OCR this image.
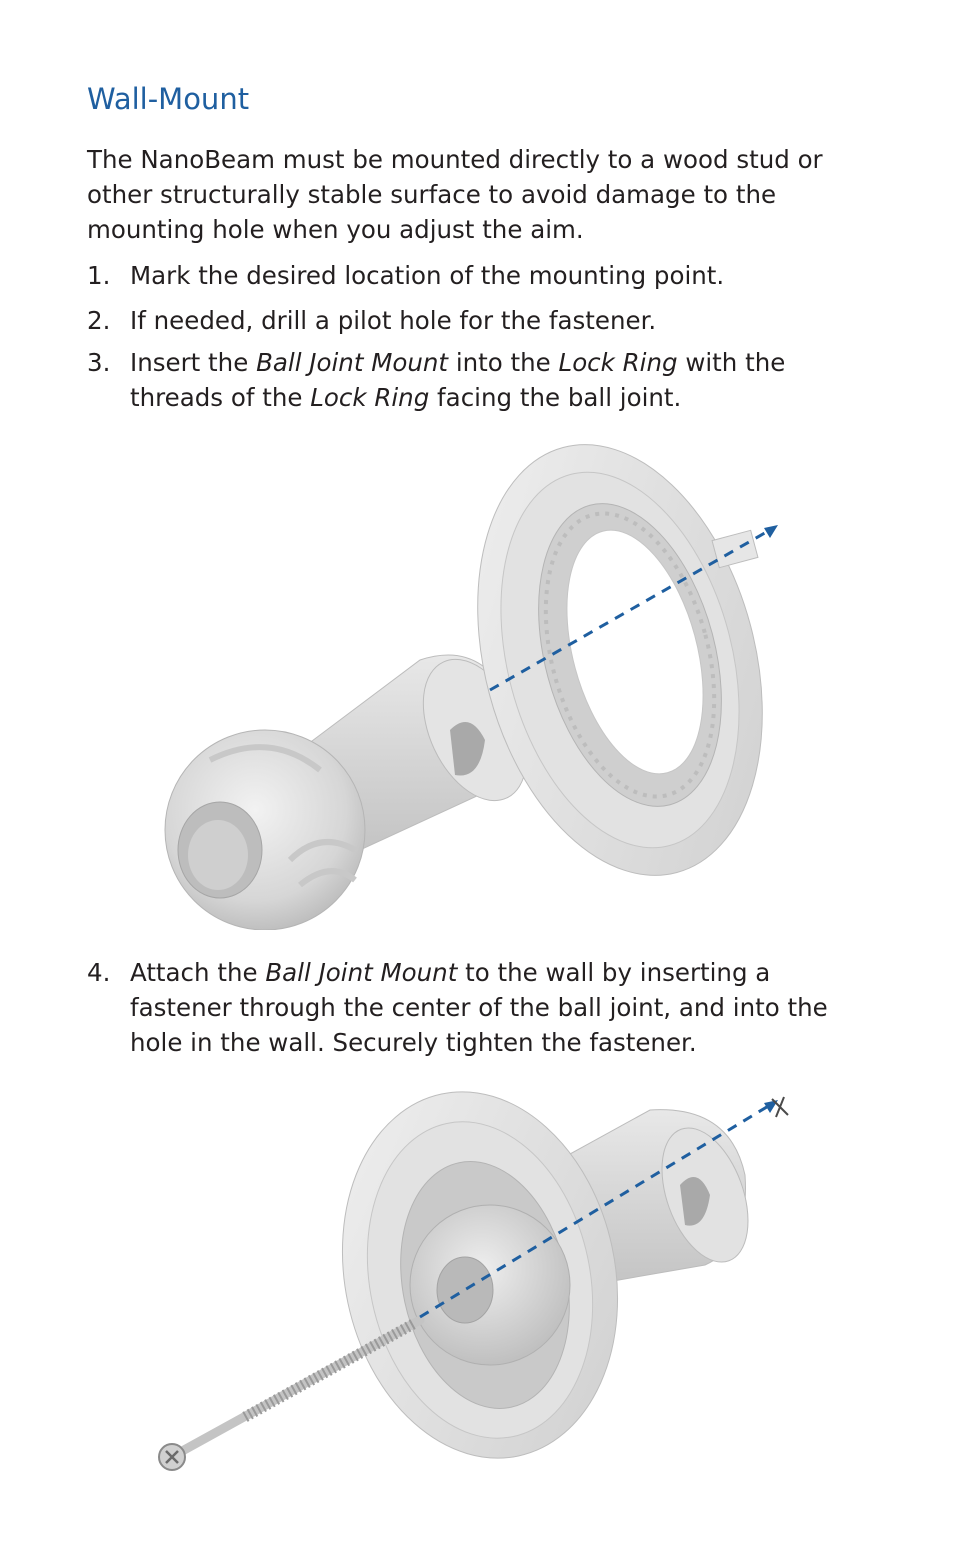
Wall-Mount

The NanoBeam must be mounted directly to a wood stud or other structurally stable surface to avoid damage to the mounting hole when you adjust the aim.

1. Mark the desired location of the mounting point.
2. If needed, drill a pilot hole for the fastener.
3. Insert the Ball Joint Mount into the Lock Ring with the threads of the Lock Ring facing the ball joint.
4. Attach the Ball Joint Mount to the wall by inserting a fastener through the center of the ball joint, and into the hole in the wall. Securely tighten the fastener.
